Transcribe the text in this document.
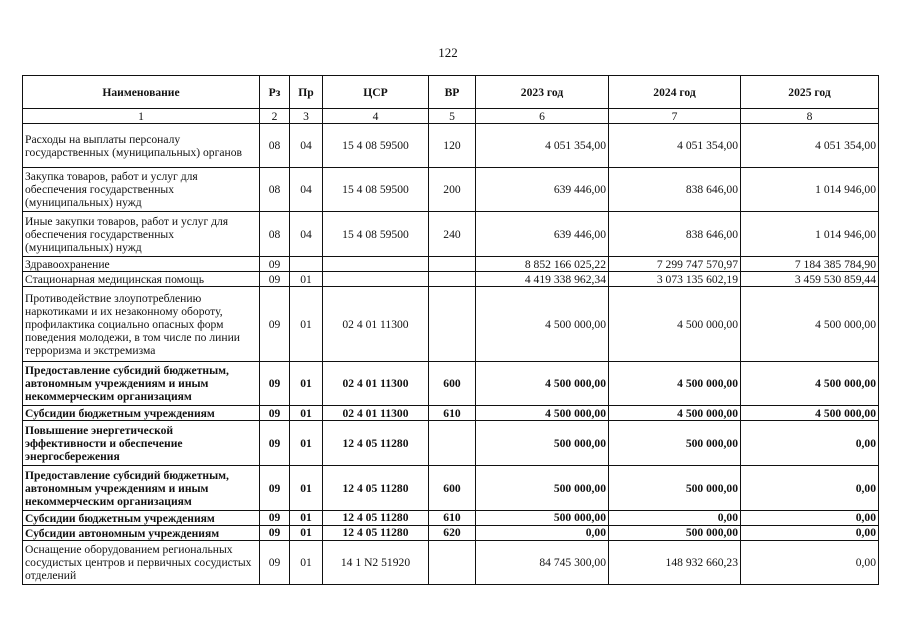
122
Наименование	Рз	Пр	ЦСР	ВР	2023 год	2024 год	2025 год
1	2	3	4	5	6	7	8
Расходы на выплаты персоналу государственных (муниципальных) органов	08	04	15 4 08 59500	120	4 051 354,00	4 051 354,00	4 051 354,00
Закупка товаров, работ и услуг для обеспечения государственных (муниципальных) нужд	08	04	15 4 08 59500	200	639 446,00	838 646,00	1 014 946,00
Иные закупки товаров, работ и услуг для обеспечения государственных (муниципальных) нужд	08	04	15 4 08 59500	240	639 446,00	838 646,00	1 014 946,00
Здравоохранение	09				8 852 166 025,22	7 299 747 570,97	7 184 385 784,90
Стационарная медицинская помощь	09	01			4 419 338 962,34	3 073 135 602,19	3 459 530 859,44
Противодействие злоупотреблению наркотиками и их незаконному обороту, профилактика социально опасных форм поведения молодежи, в том числе по линии терроризма и экстремизма	09	01	02 4 01 11300		4 500 000,00	4 500 000,00	4 500 000,00
Предоставление субсидий бюджетным, автономным учреждениям и иным некоммерческим организациям	09	01	02 4 01 11300	600	4 500 000,00	4 500 000,00	4 500 000,00
Субсидии бюджетным учреждениям	09	01	02 4 01 11300	610	4 500 000,00	4 500 000,00	4 500 000,00
Повышение энергетической эффективности и обеспечение энергосбережения	09	01	12 4 05 11280		500 000,00	500 000,00	0,00
Предоставление субсидий бюджетным, автономным учреждениям и иным некоммерческим организациям	09	01	12 4 05 11280	600	500 000,00	500 000,00	0,00
Субсидии бюджетным учреждениям	09	01	12 4 05 11280	610	500 000,00	0,00	0,00
Субсидии автономным учреждениям	09	01	12 4 05 11280	620	0,00	500 000,00	0,00
Оснащение оборудованием региональных сосудистых центров и первичных сосудистых отделений	09	01	14 1 N2 51920		84 745 300,00	148 932 660,23	0,00
